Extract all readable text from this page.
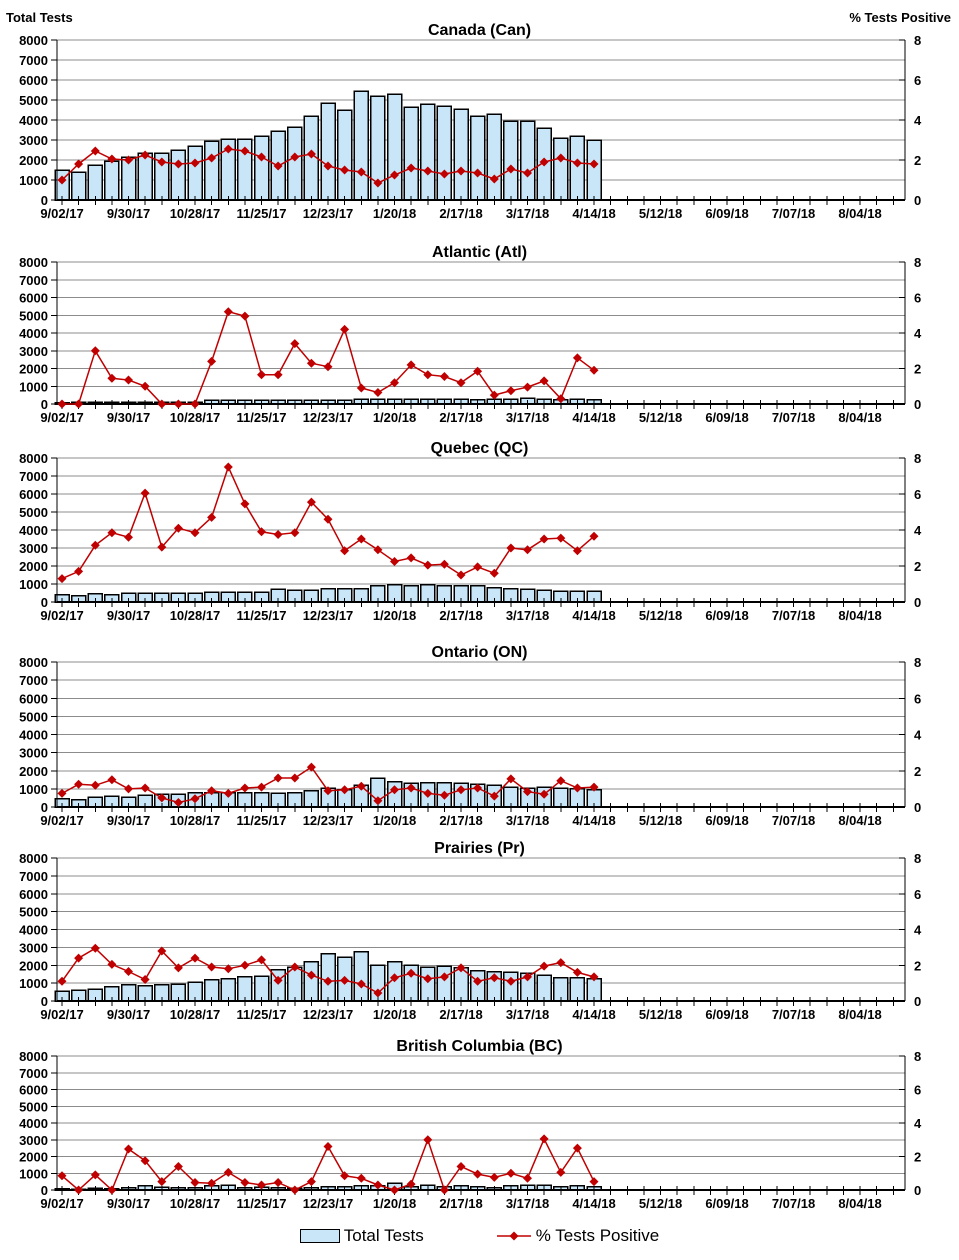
8000
7000
6000
5000
4000
3000
2000
1000
0
8
6
4
2
0
9/02/17 9/30/17 10/28/17 11/25/17 12/23/17 1/20/18 2/17/18 3/17/18 4/14/18 5/12/18 6/09/18 7/07/18 8/04/18
8000
7000
6000
5000
4000
3000
2000
1000
0
8
6
4
2
0
9/02/17 9/30/17 10/28/17 11/25/17 12/23/17 1/20/18 2/17/18 3/17/18 4/14/18 5/12/18 6/09/18 7/07/18 8/04/18
8000
7000
6000
5000
4000
3000
2000
1000
0
8
6
4
2
0
9/02/17 9/30/17 10/28/17 11/25/17 12/23/17 1/20/18 2/17/18 3/17/18 4/14/18 5/12/18 6/09/18 7/07/18 8/04/18
8000
7000
6000
5000
4000
3000
2000
1000
0
8
6
4
2
0
9/02/17 9/30/17 10/28/17 11/25/17 12/23/17 1/20/18 2/17/18 3/17/18 4/14/18 5/12/18 6/09/18 7/07/18 8/04/18
8000
7000
6000
5000
4000
3000
2000
1000
0
8
6
4
2
0
9/02/17 9/30/17 10/28/17 11/25/17 12/23/17 1/20/18 2/17/18 3/17/18 4/14/18 5/12/18 6/09/18 7/07/18 8/04/18
8000
7000
6000
5000
4000
3000
2000
1000
0
8
6
4
2
0
9/02/17 9/30/17 10/28/17 11/25/17 12/23/17 1/20/18 2/17/18 3/17/18 4/14/18 5/12/18 6/09/18 7/07/18 8/04/18
Total Tests	% Tests Positive
Canada (Can)
Atlantic (Atl)
Quebec (QC)
Ontario (ON)
Prairies (Pr)
British Columbia (BC)
Total Tests	% Tests Positive
